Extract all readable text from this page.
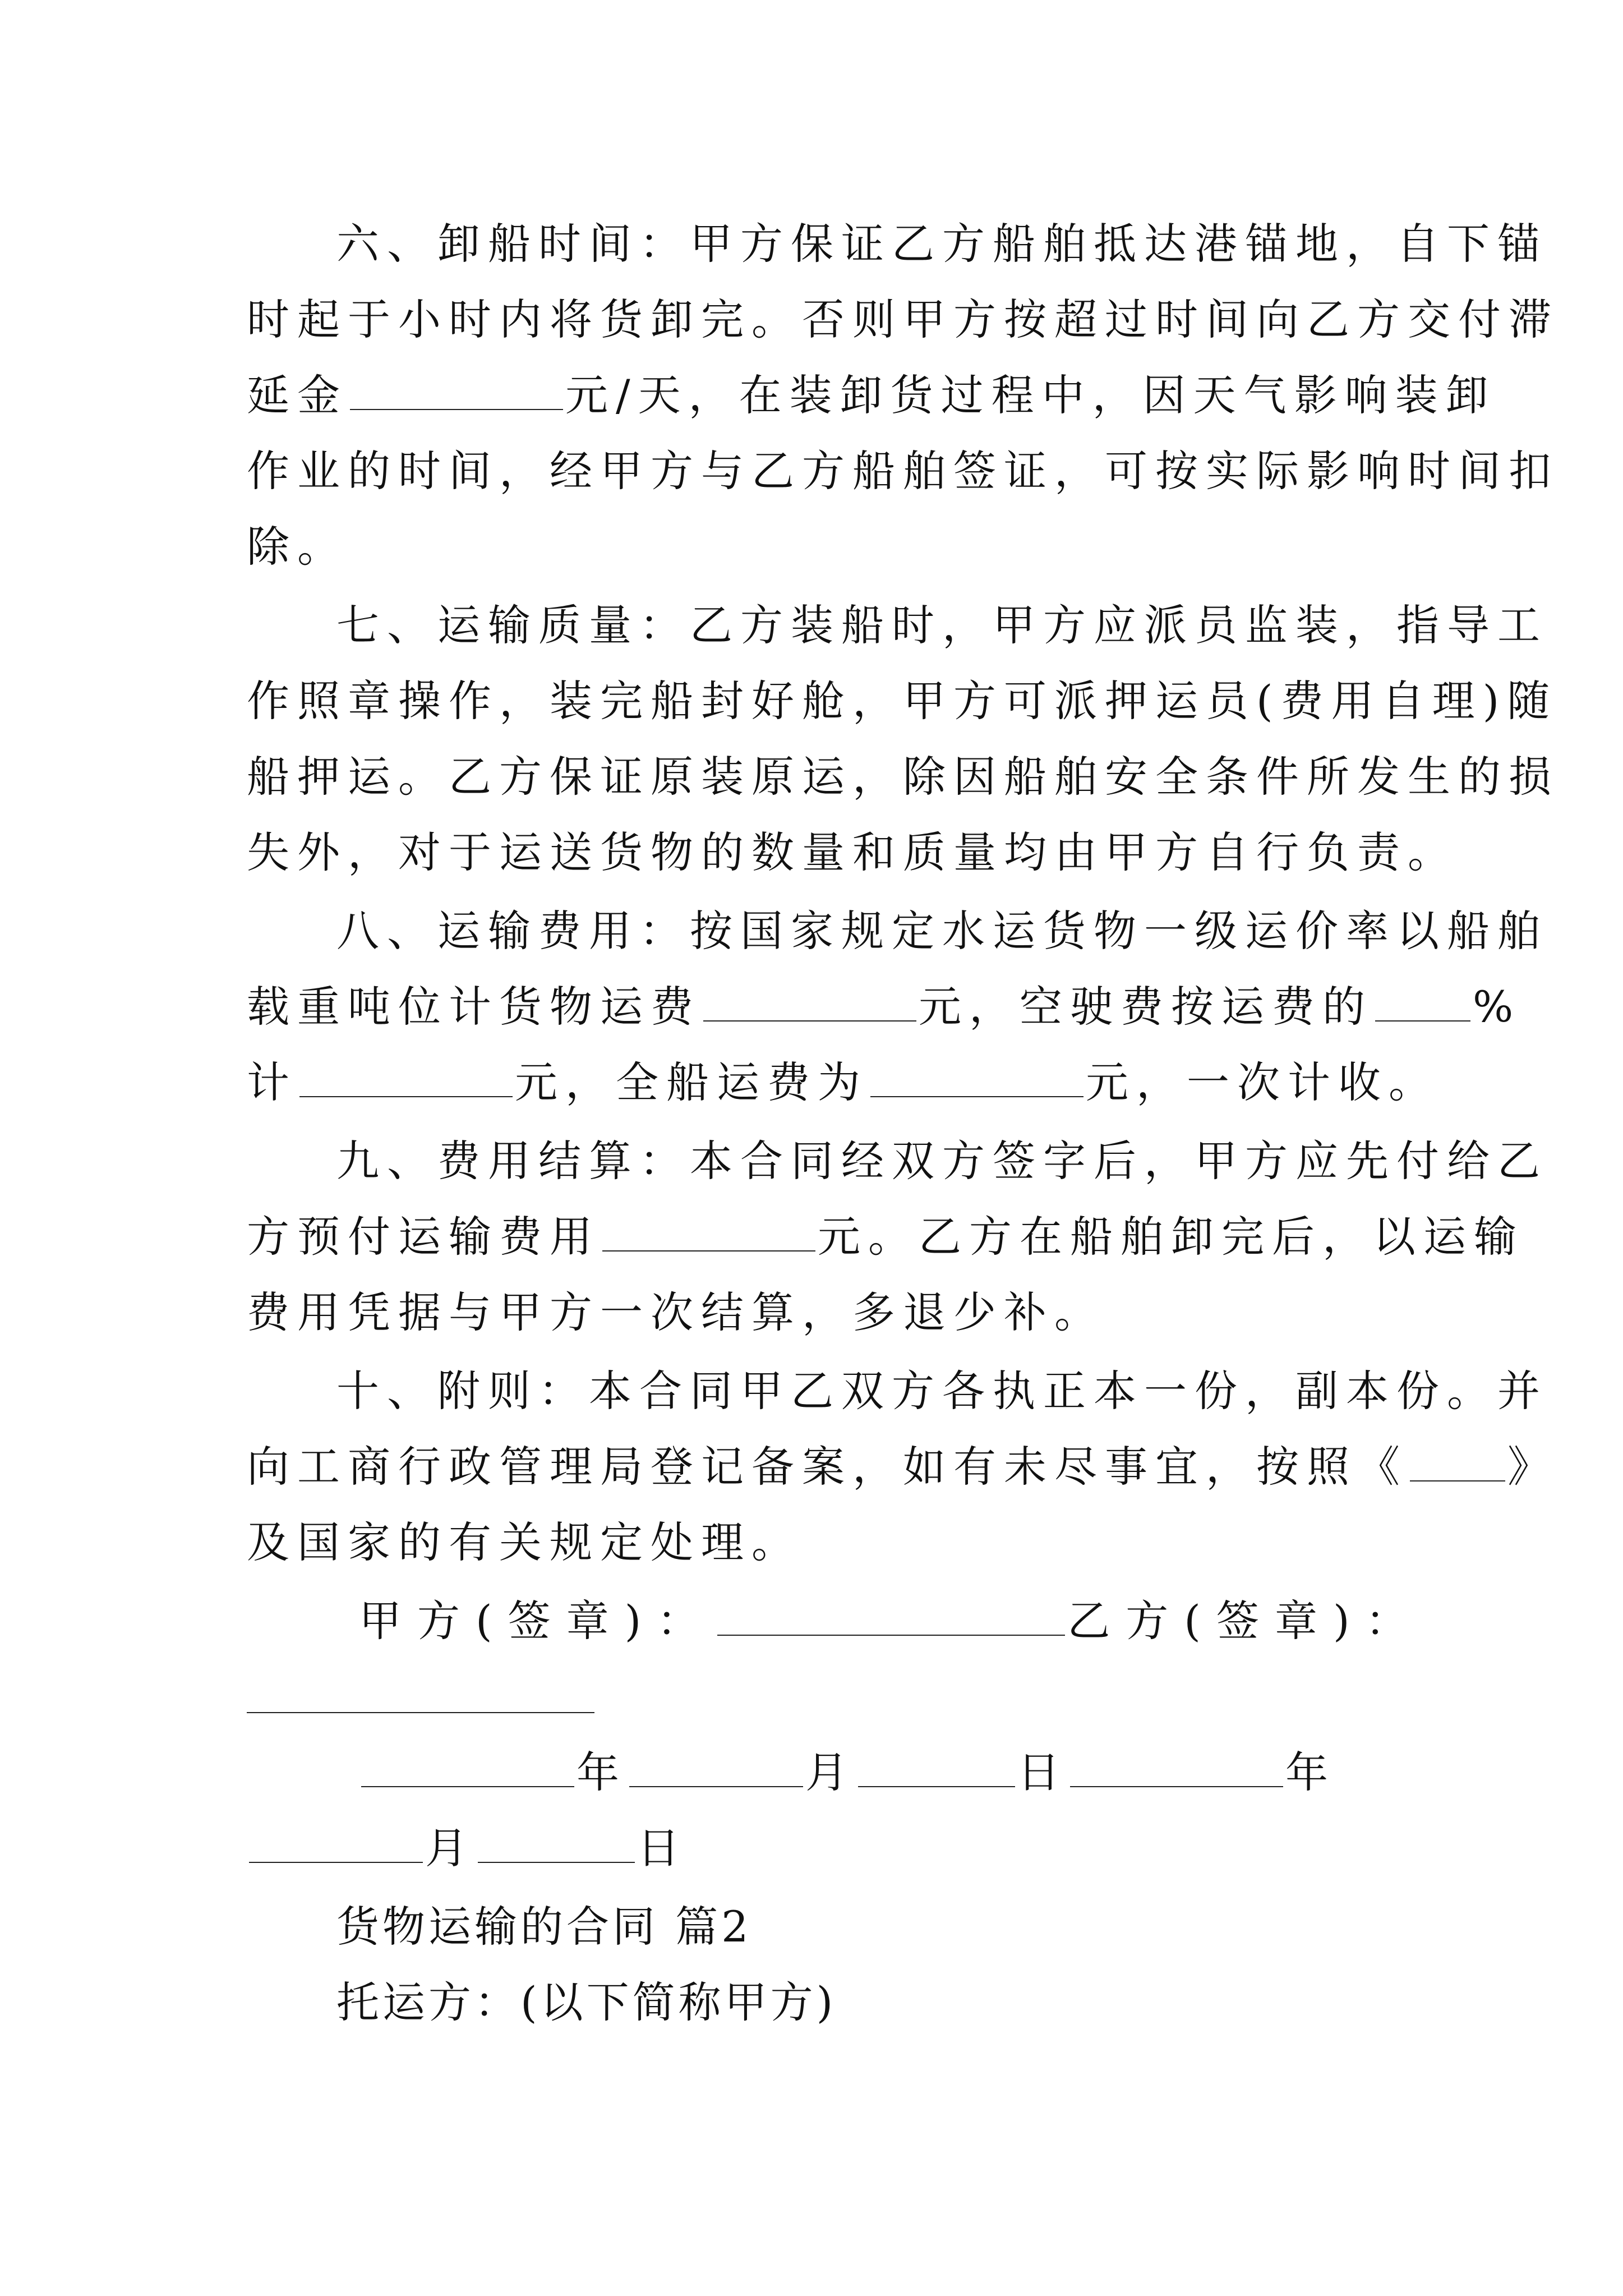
六、卸船时间：甲方保证乙方船舶抵达港锚地，自下锚
时起于小时内将货卸完。否则甲方按超过时间向乙方交付滞
延金	元/天，在装卸货过程中，因天气影响装卸
作业的时间，经甲方与乙方船舶签证，可按实际影响时间扣
除。
七、运输质量：乙方装船时，甲方应派员监装，指导工
作照章操作，装完船封好舱，甲方可派押运员(费用自理)随
船押运。乙方保证原装原运，除因船舶安全条件所发生的损
失外，对于运送货物的数量和质量均由甲方自行负责。
八、运输费用：按国家规定水运货物一级运价率以船舶
载重吨位计货物运费	元，空驶费按运费的 %
计	元，全船运费为	元，一次计收。
九、费用结算：本合同经双方签字后，甲方应先付给乙
方预付运输费用	元。乙方在船舶卸完后，以运输
费用凭据与甲方一次结算，多退少补。
十、附则：本合同甲乙双方各执正本一份，副本份。并
向工商行政管理局登记备案，如有未尽事宜，按照《 》
及国家的有关规定处理。
甲方(签章)：	乙方(签章)：
年	月	日	年
月	日
货物运输的合同 篇2
托运方：(以下简称甲方)
